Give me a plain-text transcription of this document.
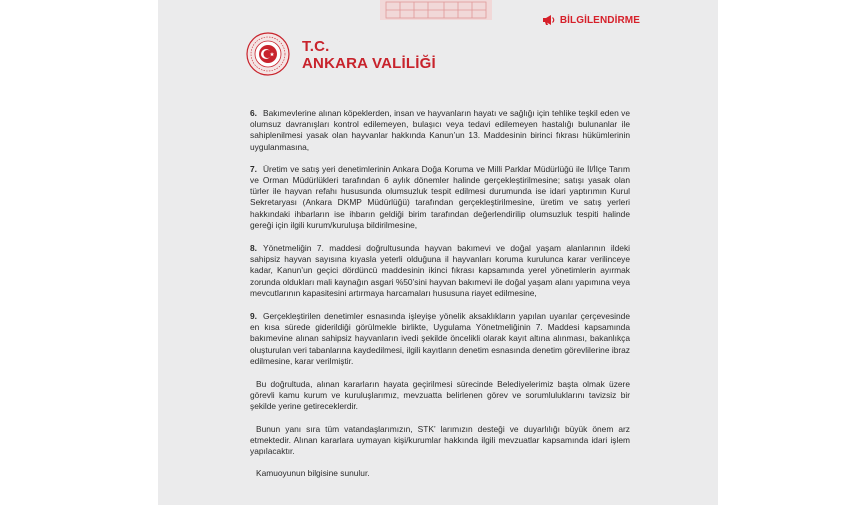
BİLGİLENDİRME
T.C.
ANKARA VALİLİĞİ

6. Bakımevlerine alınan köpeklerden, insan ve hayvanların hayatı ve sağlığı için tehlike teşkil eden ve olumsuz davranışları kontrol edilemeyen, bulaşıcı veya tedavi edilemeyen hastalığı bulunanlar ile sahiplenilmesi yasak olan hayvanlar hakkında Kanun’un 13. Maddesinin birinci fıkrası hükümlerinin uygulanmasına,

7. Üretim ve satış yeri denetimlerinin Ankara Doğa Koruma ve Milli Parklar Müdürlüğü ile İl/İlçe Tarım ve Orman Müdürlükleri tarafından 6 aylık dönemler halinde gerçekleştirilmesine; satışı yasak olan türler ile hayvan refahı hususunda olumsuzluk tespit edilmesi durumunda ise idari yaptırımın Kurul Sekretaryası (Ankara DKMP Müdürlüğü) tarafından gerçekleştirilmesine, üretim ve satış yerleri hakkındaki ihbarların ise ihbarın geldiği birim tarafından değerlendirilip olumsuzluk tespiti halinde gereği için ilgili kurum/kuruluşa bildirilmesine,

8. Yönetmeliğin 7. maddesi doğrultusunda hayvan bakımevi ve doğal yaşam alanlarının ildeki sahipsiz hayvan sayısına kıyasla yeterli olduğuna il hayvanları koruma kurulunca karar verilinceye kadar, Kanun’un geçici dördüncü maddesinin ikinci fıkrası kapsamında yerel yönetimlerin ayırmak zorunda oldukları mali kaynağın asgari %50’sini hayvan bakımevi ile doğal yaşam alanı yapımına veya mevcutlarının kapasitesini artırmaya harcamaları hususuna riayet edilmesine,

9. Gerçekleştirilen denetimler esnasında işleyişe yönelik aksaklıkların yapılan uyarılar çerçevesinde en kısa sürede giderildiği görülmekle birlikte, Uygulama Yönetmeliğinin 7. Maddesi kapsamında bakımevine alınan sahipsiz hayvanların ivedi şekilde öncelikli olarak kayıt altına alınması, bakanlıkça oluşturulan veri tabanlarına kaydedilmesi, ilgili kayıtların denetim esnasında denetim görevlilerine ibraz edilmesine, karar verilmiştir.

Bu doğrultuda, alınan kararların hayata geçirilmesi sürecinde Belediyelerimiz başta olmak üzere görevli kamu kurum ve kuruluşlarımız, mevzuatta belirlenen görev ve sorumluluklarını tavizsiz bir şekilde yerine getireceklerdir.

Bunun yanı sıra tüm vatandaşlarımızın, STK’ larımızın desteği ve duyarlılığı büyük önem arz etmektedir. Alınan kararlara uymayan kişi/kurumlar hakkında ilgili mevzuatlar kapsamında idari işlem yapılacaktır.

Kamuoyunun bilgisine sunulur.
